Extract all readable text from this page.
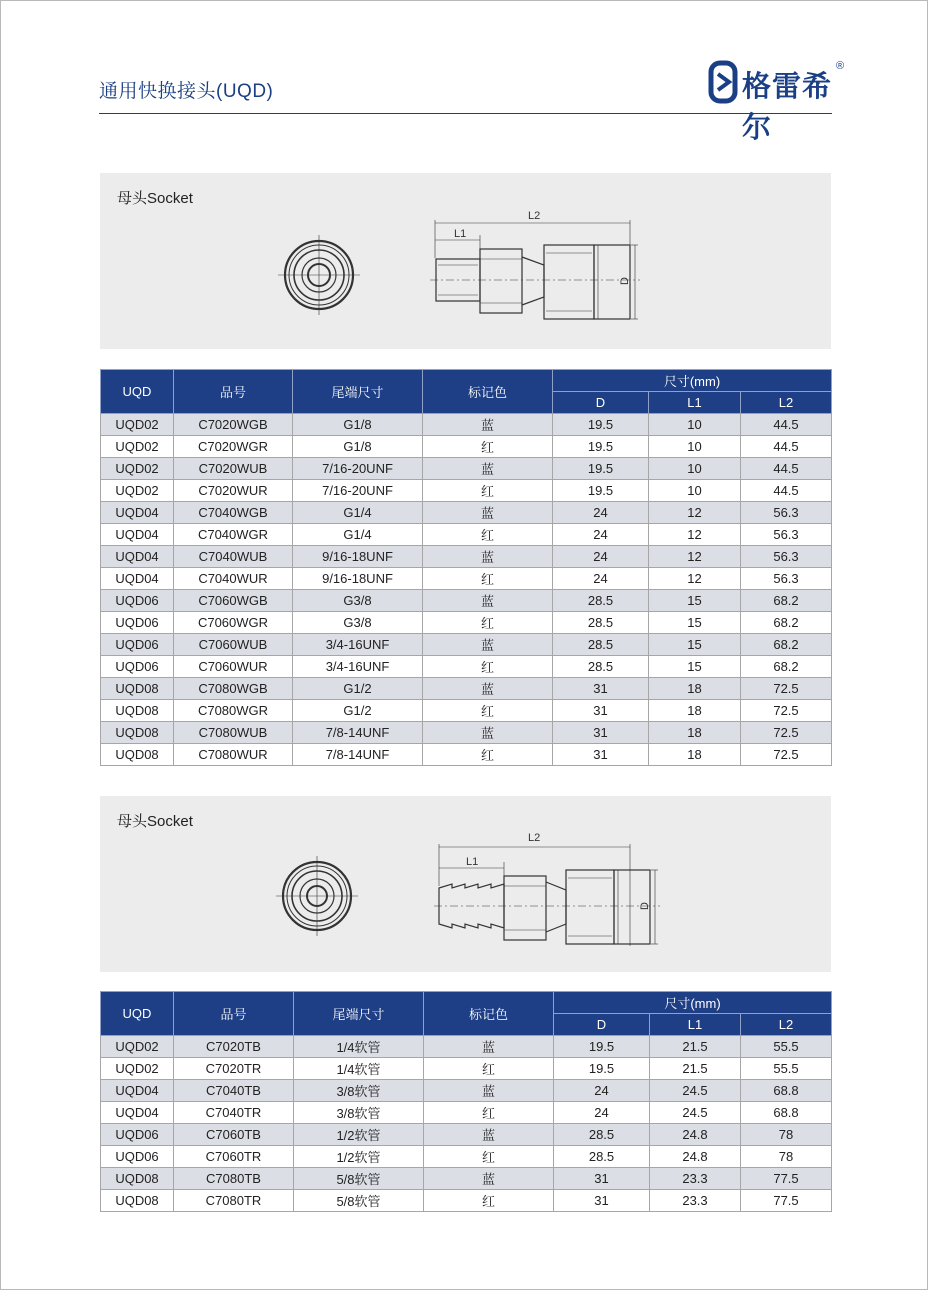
通用快换接头(UQD)	格雷希尔
®
母头Socket
L2
L1
D
UQD	品号	尾端尺寸	标记色	尺寸(mm)		
				D	L1	L2
UQD02	C7020WGB	G1/8	蓝	19.5	10	44.5
UQD02	C7020WGR	G1/8	红	19.5	10	44.5
UQD02	C7020WUB	7/16-20UNF	蓝	19.5	10	44.5
UQD02	C7020WUR	7/16-20UNF	红	19.5	10	44.5
UQD04	C7040WGB	G1/4	蓝	24	12	56.3
UQD04	C7040WGR	G1/4	红	24	12	56.3
UQD04	C7040WUB	9/16-18UNF	蓝	24	12	56.3
UQD04	C7040WUR	9/16-18UNF	红	24	12	56.3
UQD06	C7060WGB	G3/8	蓝	28.5	15	68.2
UQD06	C7060WGR	G3/8	红	28.5	15	68.2
UQD06	C7060WUB	3/4-16UNF	蓝	28.5	15	68.2
UQD06	C7060WUR	3/4-16UNF	红	28.5	15	68.2
UQD08	C7080WGB	G1/2	蓝	31	18	72.5
UQD08	C7080WGR	G1/2	红	31	18	72.5
UQD08	C7080WUB	7/8-14UNF	蓝	31	18	72.5
UQD08	C7080WUR	7/8-14UNF	红	31	18	72.5
母头Socket
L2
L1
D
UQD	品号	尾端尺寸	标记色	尺寸(mm)		
				D	L1	L2
UQD02	C7020TB	1/4软管	蓝	19.5	21.5	55.5
UQD02	C7020TR	1/4软管	红	19.5	21.5	55.5
UQD04	C7040TB	3/8软管	蓝	24	24.5	68.8
UQD04	C7040TR	3/8软管	红	24	24.5	68.8
UQD06	C7060TB	1/2软管	蓝	28.5	24.8	78
UQD06	C7060TR	1/2软管	红	28.5	24.8	78
UQD08	C7080TB	5/8软管	蓝	31	23.3	77.5
UQD08	C7080TR	5/8软管	红	31	23.3	77.5
